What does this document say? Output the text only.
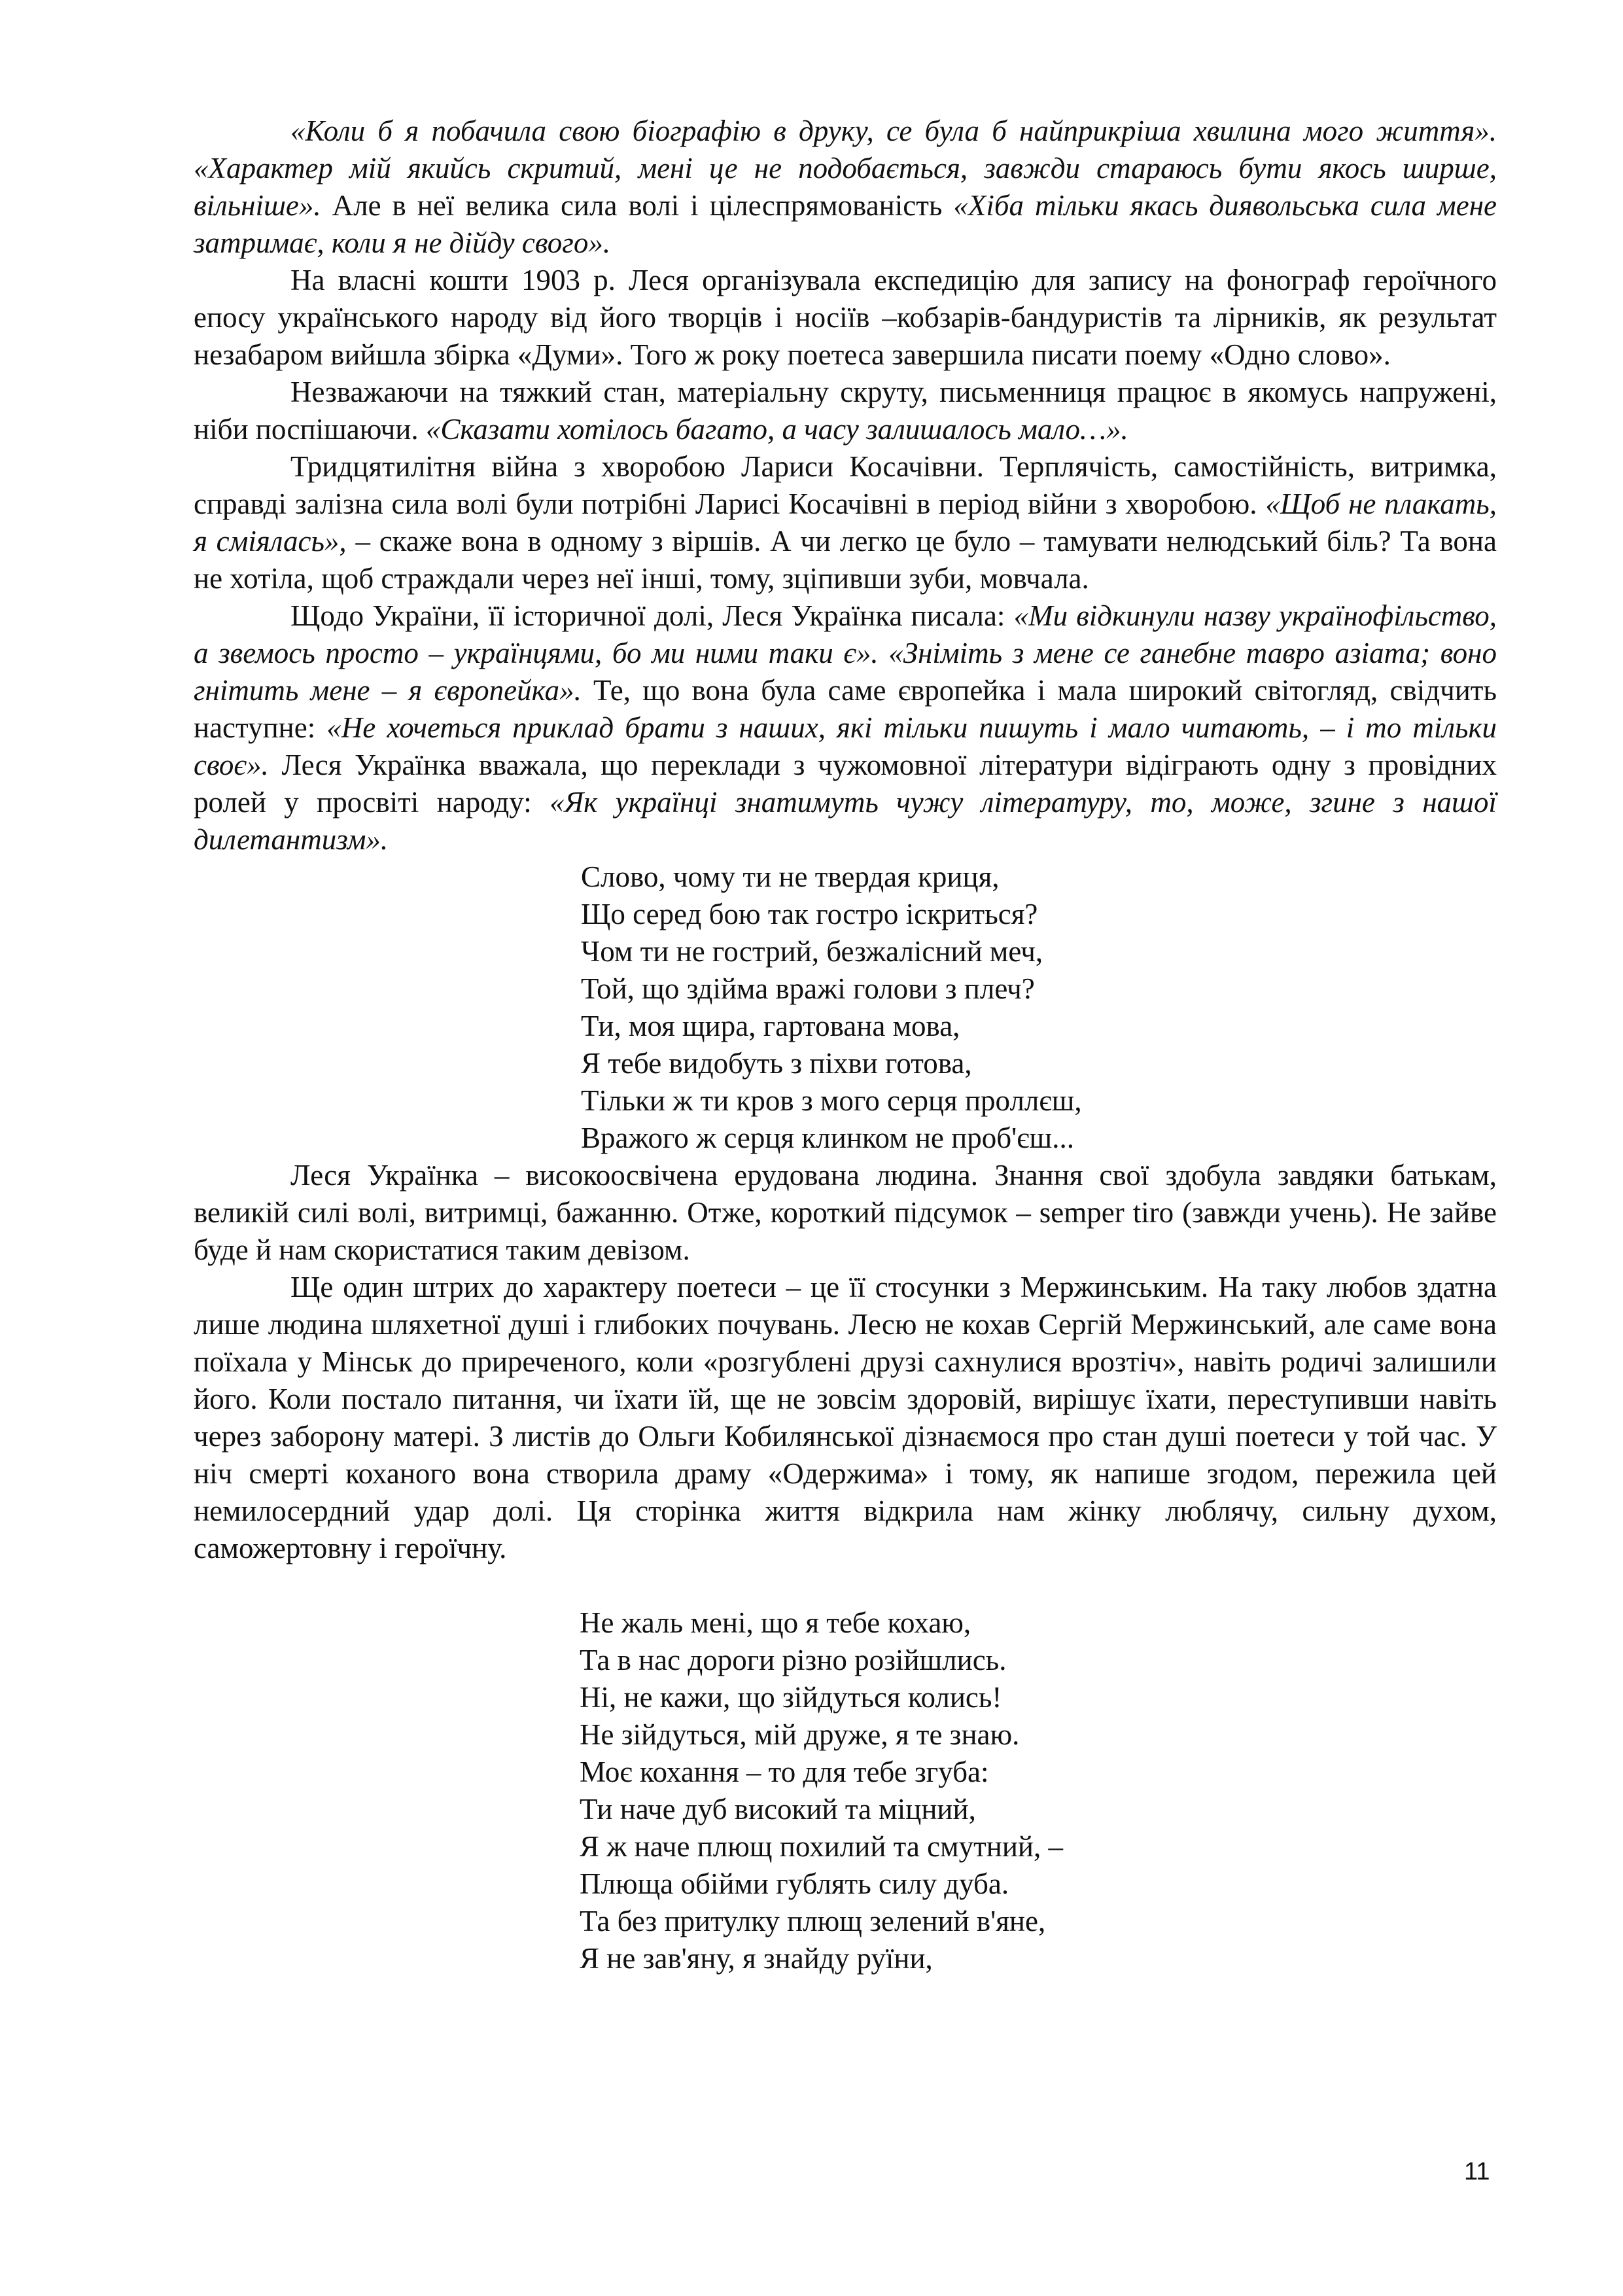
«Коли б я побачила свою біографію в друку, се була б найприкріша хвилина мого життя». «Характер мій якийсь скритий, мені це не подобається, завжди стараюсь бути якось ширше, вільніше». Але в неї велика сила волі і цілеспрямованість «Хіба тільки якась диявольська сила мене затримає, коли я не дійду свого».

На власні кошти 1903 р. Леся організувала експедицію для запису на фонограф героїчного епосу українського народу від його творців і носіїв –кобзарів-бандуристів та лірників, як результат незабаром вийшла збірка «Думи». Того ж року поетеса завершила писати поему «Одно слово».

Незважаючи на тяжкий стан, матеріальну скруту, письменниця працює в якомусь напружені, ніби поспішаючи. «Сказати хотілось багато, а часу залишалось мало…».

Тридцятилітня війна з хворобою Лариси Косачівни. Терплячість, самостійність, витримка, справді залізна сила волі були потрібні Ларисі Косачівні в період війни з хворобою. «Щоб не плакать, я сміялась», – скаже вона в одному з віршів. А чи легко це було – тамувати нелюдський біль? Та вона не хотіла, щоб страждали через неї інші, тому, зціпивши зуби, мовчала.

Щодо України, її історичної долі, Леся Українка писала: «Ми відкинули назву українофільство, а звемось просто – українцями, бо ми ними таки є». «Зніміть з мене се ганебне тавро азіата; воно гнітить мене – я європейка». Те, що вона була саме європейка і мала широкий світогляд, свідчить наступне: «Не хочеться приклад брати з наших, які тільки пишуть і мало читають, – і то тільки своє». Леся Українка вважала, що переклади з чужомовної літератури відіграють одну з провідних ролей у просвіті народу: «Як українці знатимуть чужу літературу, то, може, згине з нашої дилетантизм».

Слово, чому ти не твердая криця,
Що серед бою так гостро іскриться?
Чом ти не гострий, безжалісний меч,
Той, що здійма вражі голови з плеч?
Ти, моя щира, гартована мова,
Я тебе видобуть з піхви готова,
Тільки ж ти кров з мого серця проллєш,
Вражого ж серця клинком не проб'єш...

Леся Українка – високоосвічена ерудована людина. Знання свої здобула завдяки батькам, великій силі волі, витримці, бажанню. Отже, короткий підсумок – semper tiro (завжди учень). Не зайве буде й нам скористатися таким девізом.

Ще один штрих до характеру поетеси – це її стосунки з Мержинським. На таку любов здатна лише людина шляхетної душі і глибоких почувань. Лесю не кохав Сергій Мержинський, але саме вона поїхала у Мінськ до приреченого, коли «розгублені друзі сахнулися врозтіч», навіть родичі залишили його. Коли постало питання, чи їхати їй, ще не зовсім здоровій, вирішує їхати, переступивши навіть через заборону матері. З листів до Ольги Кобилянської дізнаємося про стан душі поетеси у той час. У ніч смерті коханого вона створила драму «Одержима» і тому, як напише згодом, пережила цей немилосердний удар долі. Ця сторінка життя відкрила нам жінку люблячу, сильну духом, саможертовну і героїчну.

Не жаль мені, що я тебе кохаю,
Та в нас дороги різно розійшлись.
Ні, не кажи, що зійдуться колись!
Не зійдуться, мій друже, я те знаю.
Моє кохання – то для тебе згуба:
Ти наче дуб високий та міцний,
Я ж наче плющ похилий та смутний, –
Плюща обійми гублять силу дуба.
Та без притулку плющ зелений в'яне,
Я не зав'яну, я знайду руїни,
11
